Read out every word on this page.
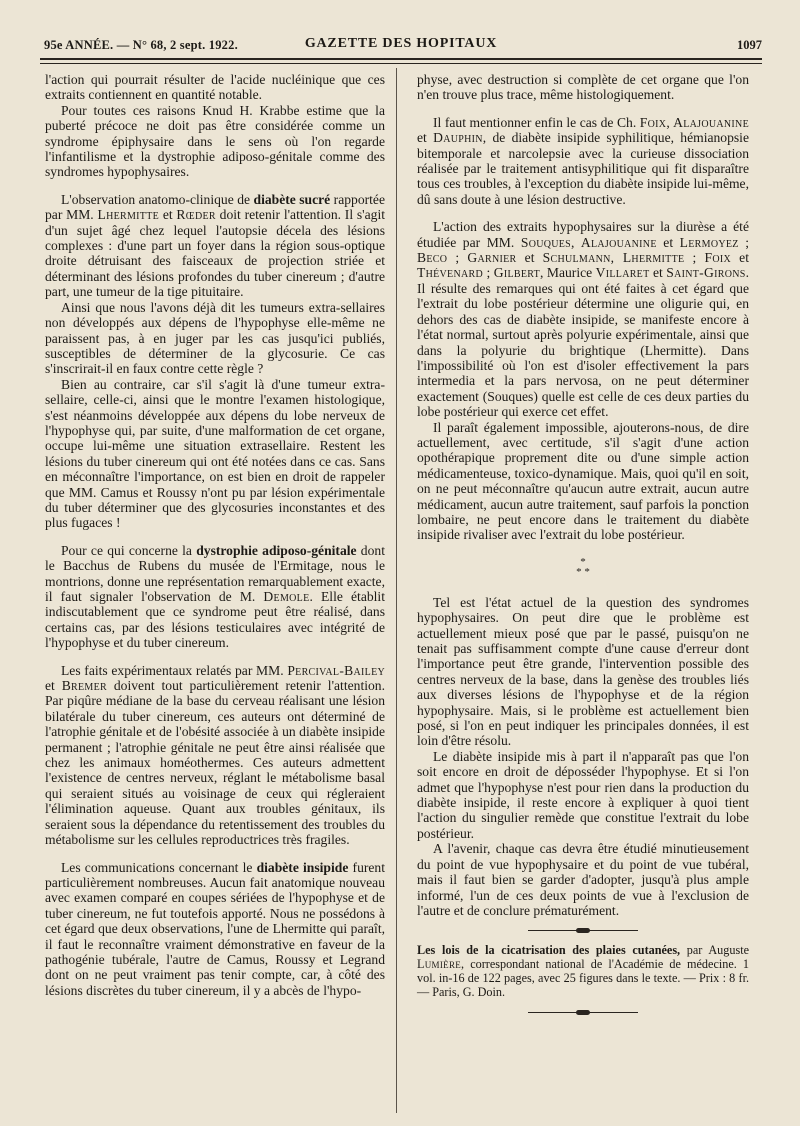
95e ANNÉE. — N° 68, 2 sept. 1922.	GAZETTE DES HOPITAUX	1097

l'action qui pourrait résulter de l'acide nucléinique que ces extraits contiennent en quantité notable.

Pour toutes ces raisons Knud H. Krabbe estime que la puberté précoce ne doit pas être considérée comme un syndrome épiphysaire dans le sens où l'on regarde l'infantilisme et la dystrophie adiposo-génitale comme des syndromes hypophysaires.

L'observation anatomo-clinique de diabète sucré rapportée par MM. Lhermitte et Rœder doit retenir l'attention. Il s'agit d'un sujet âgé chez lequel l'autopsie décela des lésions complexes : d'une part un foyer dans la région sous-optique droite détruisant des faisceaux de projection striée et déterminant des lésions profondes du tuber cinereum ; d'autre part, une tumeur de la tige pituitaire.

Ainsi que nous l'avons déjà dit les tumeurs extra-sellaires non développés aux dépens de l'hypophyse elle-même ne paraissent pas, à en juger par les cas jusqu'ici publiés, susceptibles de déterminer de la glycosurie. Ce cas s'inscrirait-il en faux contre cette règle ?

Bien au contraire, car s'il s'agit là d'une tumeur extra-sellaire, celle-ci, ainsi que le montre l'examen histologique, s'est néanmoins développée aux dépens du lobe nerveux de l'hypophyse qui, par suite, d'une malformation de cet organe, occupe lui-même une situation extrasellaire. Restent les lésions du tuber cinereum qui ont été notées dans ce cas. Sans en méconnaître l'importance, on est bien en droit de rappeler que MM. Camus et Roussy n'ont pu par lésion expérimentale du tuber déterminer que des glycosuries inconstantes et des plus fugaces !

Pour ce qui concerne la dystrophie adiposo-génitale dont le Bacchus de Rubens du musée de l'Ermitage, nous le montrions, donne une représentation remarquablement exacte, il faut signaler l'observation de M. Demole. Elle établit indiscutablement que ce syndrome peut être réalisé, dans certains cas, par des lésions testiculaires avec intégrité de l'hypophyse et du tuber cinereum.

Les faits expérimentaux relatés par MM. Percival-Bailey et Bremer doivent tout particulièrement retenir l'attention. Par piqûre médiane de la base du cerveau réalisant une lésion bilatérale du tuber cinereum, ces auteurs ont déterminé de l'atrophie génitale et de l'obésité associée à un diabète insipide permanent ; l'atrophie génitale ne peut être ainsi réalisée que chez les animaux homéothermes. Ces auteurs admettent l'existence de centres nerveux, réglant le métabolisme basal qui seraient situés au voisinage de ceux qui régleraient l'élimination aqueuse. Quant aux troubles génitaux, ils seraient sous la dépendance du retentissement des troubles du métabolisme sur les cellules reproductrices très fragiles.

Les communications concernant le diabète insipide furent particulièrement nombreuses. Aucun fait anatomique nouveau avec examen comparé en coupes sériées de l'hypophyse et de tuber cinereum, ne fut toutefois apporté. Nous ne possédons à cet égard que deux observations, l'une de Lhermitte qui paraît, il faut le reconnaître vraiment démonstrative en faveur de la pathogénie tubérale, l'autre de Camus, Roussy et Legrand dont on ne peut vraiment pas tenir compte, car, à côté des lésions discrètes du tuber cinereum, il y a abcès de l'hypo-

physe, avec destruction si complète de cet organe que l'on n'en trouve plus trace, même histologiquement.

Il faut mentionner enfin le cas de Ch. Foix, Alajouanine et Dauphin, de diabète insipide syphilitique, hémianopsie bitemporale et narcolepsie avec la curieuse dissociation réalisée par le traitement antisyphilitique qui fit disparaître tous ces troubles, à l'exception du diabète insipide lui-même, dû sans doute à une lésion destructive.

L'action des extraits hypophysaires sur la diurèse a été étudiée par MM. Souques, Alajouanine et Lermoyez ; Beco ; Garnier et Schulmann, Lhermitte ; Foix et Thévenard ; Gilbert, Maurice Villaret et Saint-Girons. Il résulte des remarques qui ont été faites à cet égard que l'extrait du lobe postérieur détermine une oligurie qui, en dehors des cas de diabète insipide, se manifeste encore à l'état normal, surtout après polyurie expérimentale, ainsi que dans la polyurie du brightique (Lhermitte). Dans l'impossibilité où l'on est d'isoler effectivement la pars intermedia et la pars nervosa, on ne peut déterminer exactement (Souques) quelle est celle de ces deux parties du lobe postérieur qui exerce cet effet.

Il paraît également impossible, ajouterons-nous, de dire actuellement, avec certitude, s'il s'agit d'une action opothérapique proprement dite ou d'une simple action médicamenteuse, toxico-dynamique. Mais, quoi qu'il en soit, on ne peut méconnaître qu'aucun autre extrait, aucun autre médicament, aucun autre traitement, sauf parfois la ponction lombaire, ne peut encore dans le traitement du diabète insipide rivaliser avec l'extrait du lobe postérieur.

*
* *

Tel est l'état actuel de la question des syndromes hypophysaires. On peut dire que le problème est actuellement mieux posé que par le passé, puisqu'on ne tenait pas suffisamment compte d'une cause d'erreur dont l'importance peut être grande, l'intervention possible des centres nerveux de la base, dans la genèse des troubles liés aux diverses lésions de l'hypophyse et de la région hypophysaire. Mais, si le problème est actuellement bien posé, si l'on en peut indiquer les principales données, il est loin d'être résolu.

Le diabète insipide mis à part il n'apparaît pas que l'on soit encore en droit de déposséder l'hypophyse. Et si l'on admet que l'hypophyse n'est pour rien dans la production du diabète insipide, il reste encore à expliquer à quoi tient l'action du singulier remède que constitue l'extrait du lobe postérieur.

A l'avenir, chaque cas devra être étudié minutieusement du point de vue hypophysaire et du point de vue tubéral, mais il faut bien se garder d'adopter, jusqu'à plus ample informé, l'un de ces deux points de vue à l'exclusion de l'autre et de conclure prématurément.

Les lois de la cicatrisation des plaies cutanées, par Auguste Lumière, correspondant national de l'Académie de médecine. 1 vol. in-16 de 122 pages, avec 25 figures dans le texte. — Prix : 8 fr. — Paris, G. Doin.
